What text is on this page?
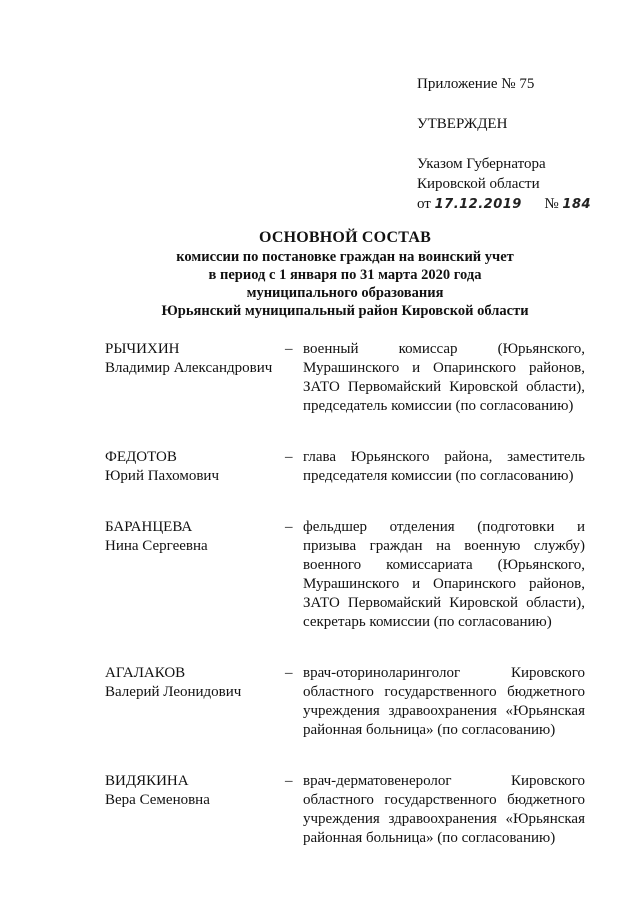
Приложение № 75
УТВЕРЖДЕН
Указом Губернатора
Кировской области
от 17.12.2019 № 184
ОСНОВНОЙ СОСТАВ
комиссии по постановке граждан на воинский учет
в период с 1 января по 31 марта 2020 года
муниципального образования
Юрьянский муниципальный район Кировской области
РЫЧИХИН
Владимир Александрович
– военный комиссар (Юрьянского, Мурашинского и Опаринского районов, ЗАТО Первомайский Кировской области), председатель комиссии (по согласованию)
ФЕДОТОВ
Юрий Пахомович
– глава Юрьянского района, заместитель председателя комиссии (по согласованию)
БАРАНЦЕВА
Нина Сергеевна
– фельдшер отделения (подготовки и призыва граждан на военную службу) военного комиссариата (Юрьянского, Мурашинского и Опаринского районов, ЗАТО Первомайский Кировской области), секретарь комиссии (по согласованию)
АГАЛАКОВ
Валерий Леонидович
– врач-оториноларинголог Кировского областного государственного бюджетного учреждения здравоохранения «Юрьянская районная больница» (по согласованию)
ВИДЯКИНА
Вера Семеновна
– врач-дерматовенеролог Кировского областного государственного бюджетного учреждения здравоохранения «Юрьянская районная больница» (по согласованию)
